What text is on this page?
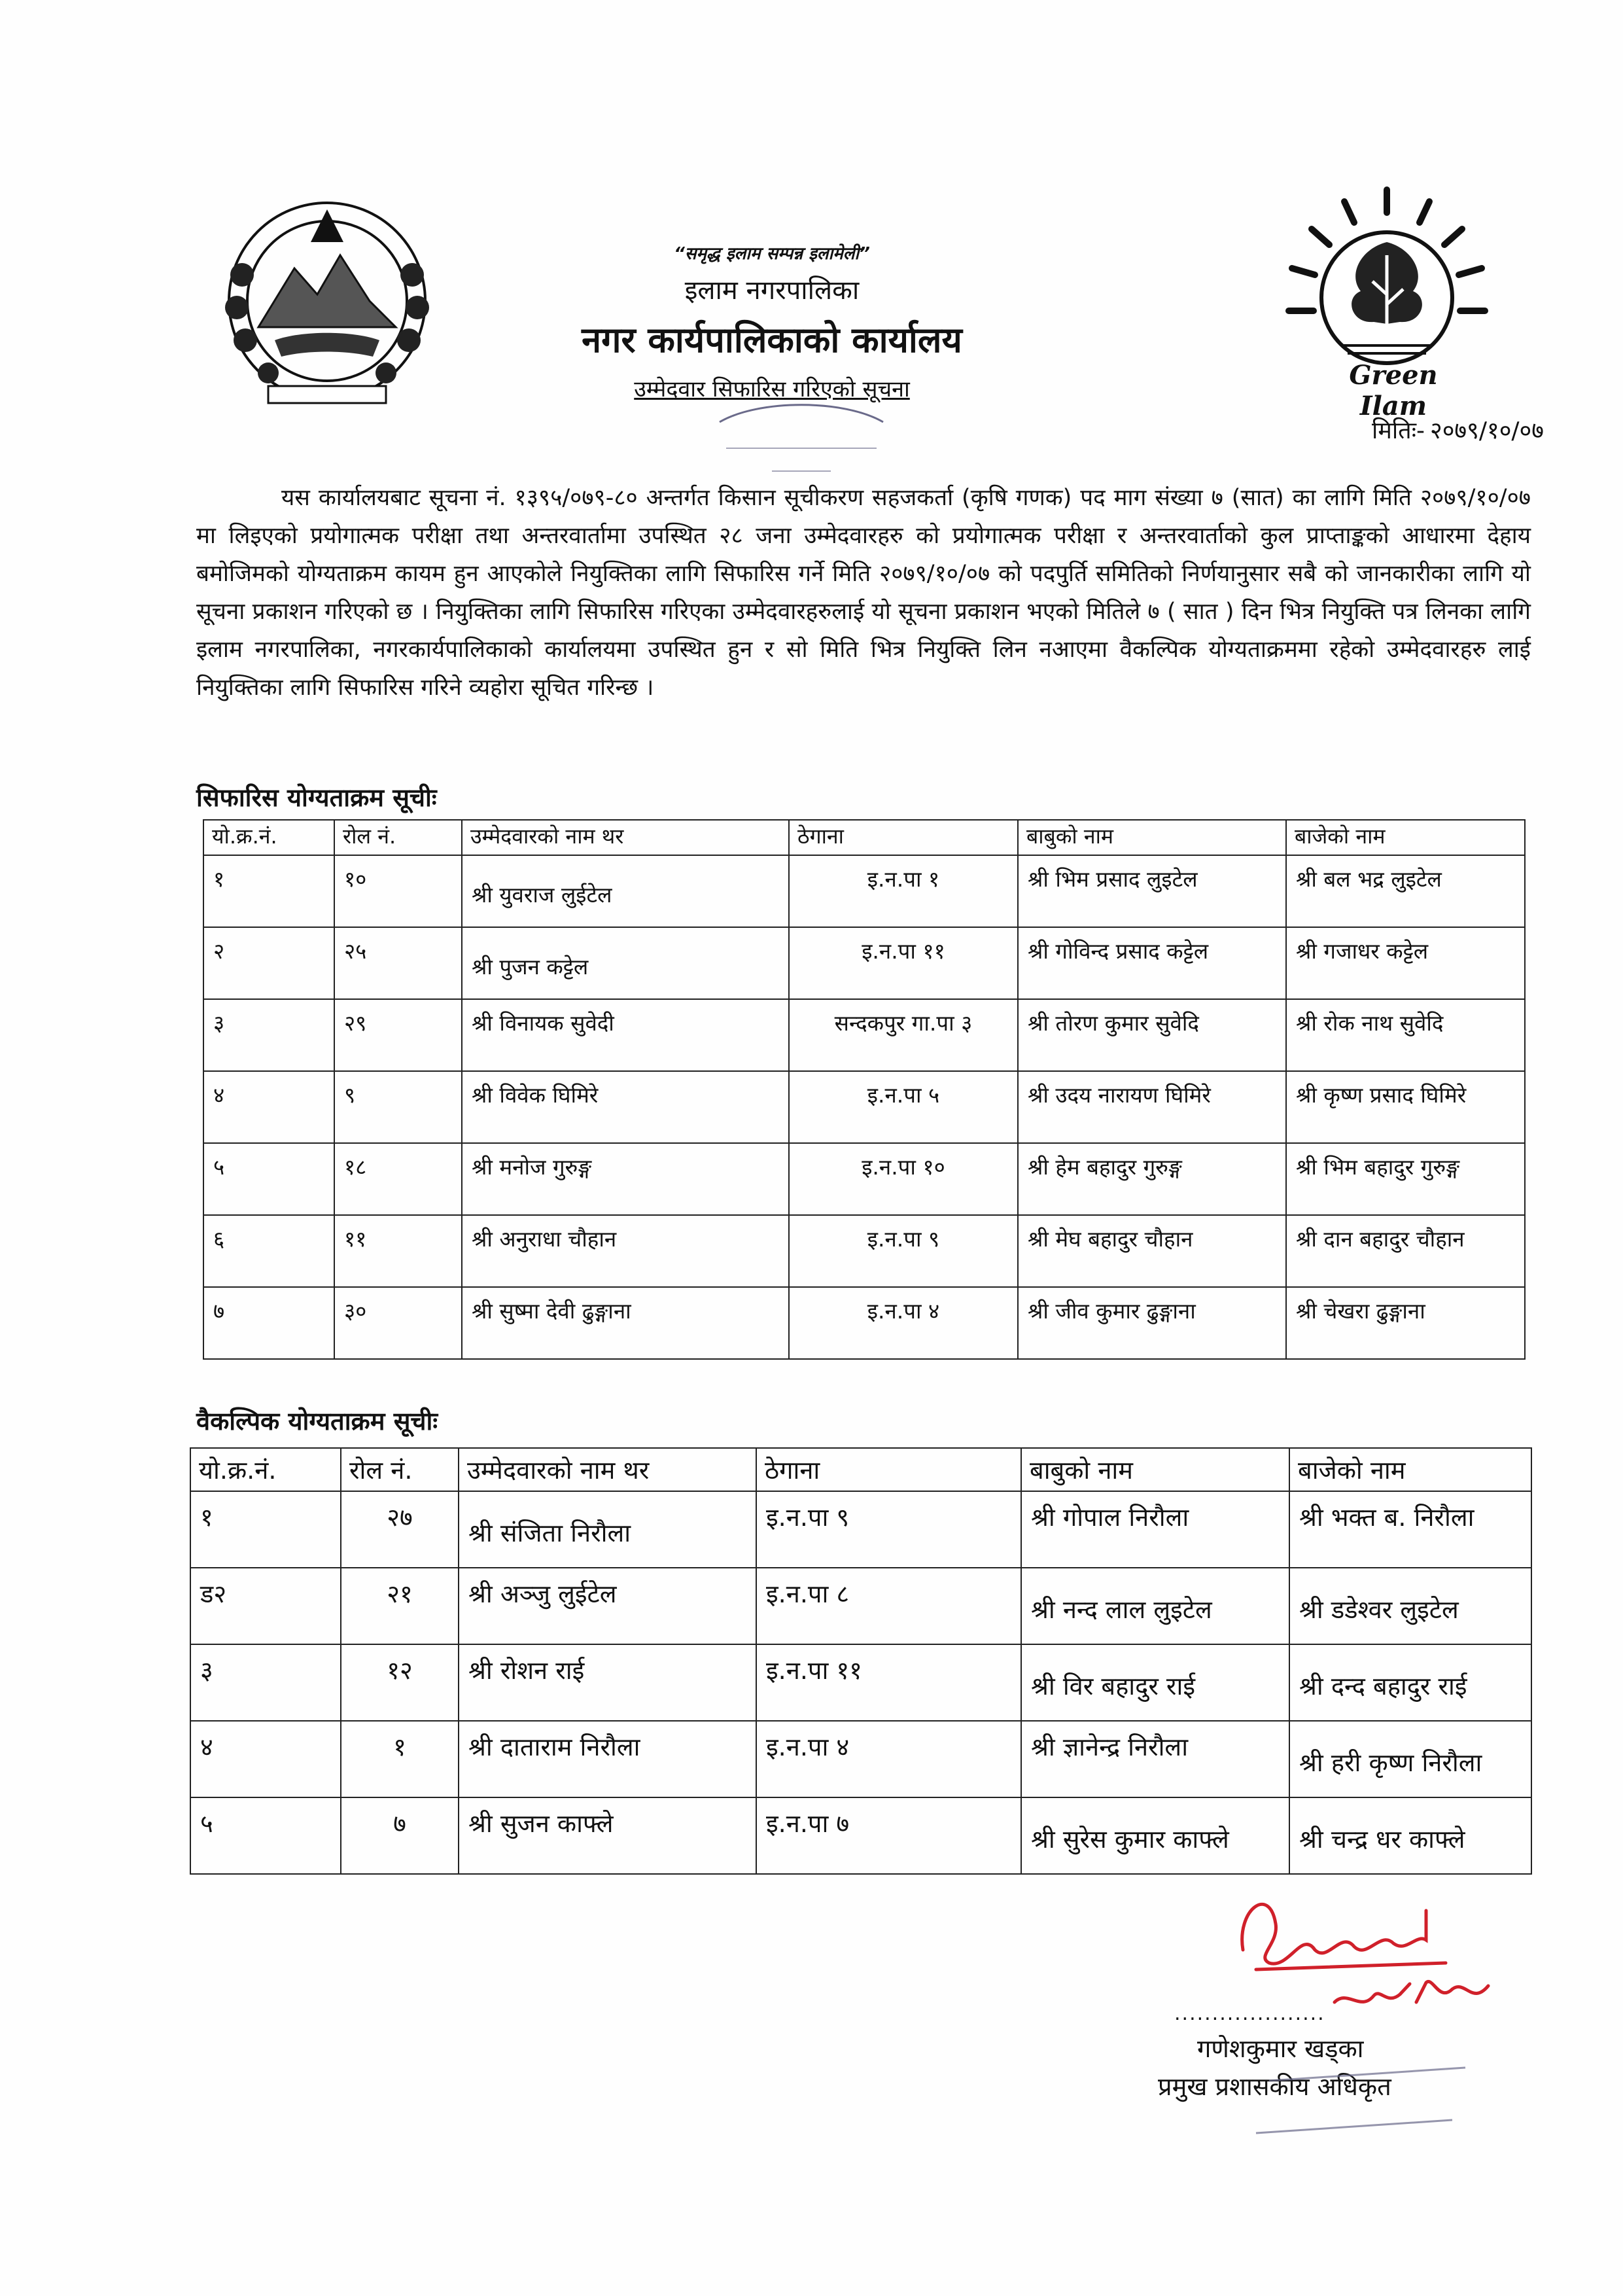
“समृद्ध इलाम सम्पन्न इलामेली”
इलाम नगरपालिका
नगर कार्यपालिकाको कार्यालय
उम्मेदवार सिफारिस गरिएको सूचना	Green Ilam
मितिः- २०७९/१०/०७
यस कार्यालयबाट सूचना नं. १३९५/०७९-८० अन्तर्गत किसान सूचीकरण सहजकर्ता (कृषि गणक) पद माग संख्या ७ (सात) का लागि मिति २०७९/१०/०७ मा लिइएको प्रयोगात्मक परीक्षा तथा अन्तरवार्तामा उपस्थित २८ जना उम्मेदवारहरु को प्रयोगात्मक परीक्षा र अन्तरवार्ताको कुल प्राप्ताङ्कको आधारमा देहाय बमोजिमको योग्यताक्रम कायम हुन आएकोले नियुक्तिका लागि सिफारिस गर्ने मिति २०७९/१०/०७ को पदपुर्ति समितिको निर्णयानुसार सबै को जानकारीका लागि यो सूचना प्रकाशन गरिएको छ । नियुक्तिका लागि सिफारिस गरिएका उम्मेदवारहरुलाई यो सूचना प्रकाशन भएको मितिले ७ ( सात ) दिन भित्र नियुक्ति पत्र लिनका लागि इलाम नगरपालिका, नगरकार्यपालिकाको कार्यालयमा उपस्थित हुन र सो मिति भित्र नियुक्ति लिन नआएमा वैकल्पिक योग्यताक्रममा रहेको उम्मेदवारहरु लाई नियुक्तिका लागि सिफारिस गरिने व्यहोरा सूचित गरिन्छ ।
सिफारिस योग्यताक्रम सूचीः
यो.क्र.नं.	रोल नं.	उम्मेदवारको नाम थर	ठेगाना	बाबुको नाम	बाजेको नाम
१	१०	श्री युवराज लुईटेल	इ.न.पा १	श्री भिम प्रसाद लुइटेल	श्री बल भद्र लुइटेल
२	२५	श्री पुजन कट्टेल	इ.न.पा ११	श्री गोविन्द प्रसाद कट्टेल	श्री गजाधर कट्टेल
३	२९	श्री विनायक सुवेदी	सन्दकपुर गा.पा ३	श्री तोरण कुमार सुवेदि	श्री रोक नाथ सुवेदि
४	९	श्री विवेक घिमिरे	इ.न.पा ५	श्री उदय नारायण घिमिरे	श्री कृष्ण प्रसाद घिमिरे
५	१८	श्री मनोज गुरुङ्ग	इ.न.पा १०	श्री हेम बहादुर गुरुङ्ग	श्री भिम बहादुर गुरुङ्ग
६	११	श्री अनुराधा चौहान	इ.न.पा ९	श्री मेघ बहादुर चौहान	श्री दान बहादुर चौहान
७	३०	श्री सुष्मा देवी ढुङ्गाना	इ.न.पा ४	श्री जीव कुमार ढुङ्गाना	श्री चेखरा ढुङ्गाना
वैकल्पिक योग्यताक्रम सूचीः
यो.क्र.नं.	रोल नं.	उम्मेदवारको नाम थर	ठेगाना	बाबुको नाम	बाजेको नाम
१	२७	श्री संजिता निरौला	इ.न.पा ९	श्री गोपाल निरौला	श्री भक्त ब. निरौला
ड२	२१	श्री अञ्जु लुईटेल	इ.न.पा ८	श्री नन्द लाल लुइटेल	श्री डडेश्वर लुइटेल
३	१२	श्री रोशन राई	इ.न.पा ११	श्री विर बहादुर राई	श्री दन्द बहादुर राई
४	१	श्री दाताराम निरौला	इ.न.पा ४	श्री ज्ञानेन्द्र निरौला	श्री हरी कृष्ण निरौला
५	७	श्री सुजन काफ्ले	इ.न.पा ७	श्री सुरेस कुमार काफ्ले	श्री चन्द्र धर काफ्ले
....................
गणेशकुमार खड्का
प्रमुख प्रशासकीय अधिकृत
